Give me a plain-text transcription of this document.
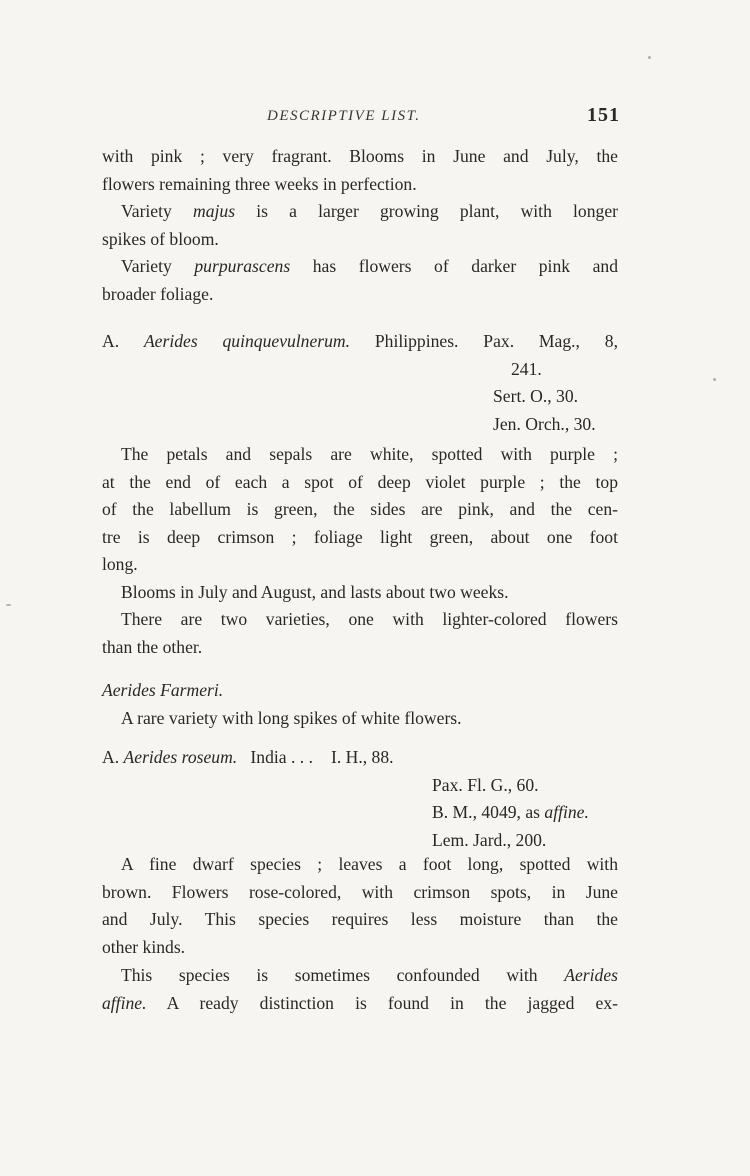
DESCRIPTIVE LIST.	151
with pink ; very fragrant. Blooms in June and July, the
flowers remaining three weeks in perfection.
Variety majus is a larger growing plant, with longer
spikes of bloom.
Variety purpurascens has flowers of darker pink and
broader foliage.
A. Aerides quinquevulnerum. Philippines. Pax. Mag., 8,
241.
Sert. O., 30.
Jen. Orch., 30.
The petals and sepals are white, spotted with purple ;
at the end of each a spot of deep violet purple ; the top
of the labellum is green, the sides are pink, and the cen-
tre is deep crimson ; foliage light green, about one foot
long.
Blooms in July and August, and lasts about two weeks.
There are two varieties, one with lighter-colored flowers
than the other.
Aerides Farmeri.
A rare variety with long spikes of white flowers.
A. Aerides roseum. India . . . I. H., 88.
Pax. Fl. G., 60.
B. M., 4049, as affine.
Lem. Jard., 200.
A fine dwarf species ; leaves a foot long, spotted with
brown. Flowers rose-colored, with crimson spots, in June
and July. This species requires less moisture than the
other kinds.
This species is sometimes confounded with Aerides
affine. A ready distinction is found in the jagged ex-
